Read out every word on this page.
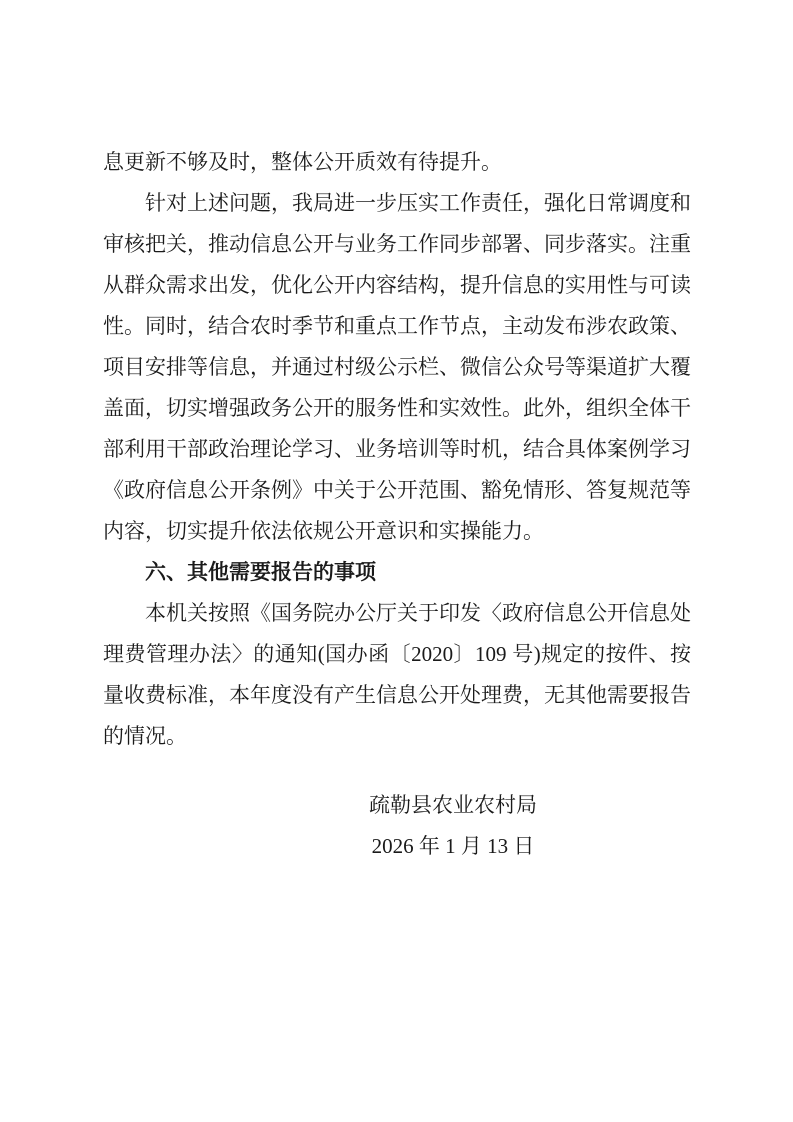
息更新不够及时，整体公开质效有待提升。

针对上述问题，我局进一步压实工作责任，强化日常调度和审核把关，推动信息公开与业务工作同步部署、同步落实。注重从群众需求出发，优化公开内容结构，提升信息的实用性与可读性。同时，结合农时季节和重点工作节点，主动发布涉农政策、项目安排等信息，并通过村级公示栏、微信公众号等渠道扩大覆盖面，切实增强政务公开的服务性和实效性。此外，组织全体干部利用干部政治理论学习、业务培训等时机，结合具体案例学习《政府信息公开条例》中关于公开范围、豁免情形、答复规范等内容，切实提升依法依规公开意识和实操能力。

六、其他需要报告的事项

本机关按照《国务院办公厅关于印发〈政府信息公开信息处理费管理办法〉的通知(国办函〔2020〕109 号)规定的按件、按量收费标准，本年度没有产生信息公开处理费，无其他需要报告的情况。

疏勒县农业农村局

2026 年 1 月 13 日
